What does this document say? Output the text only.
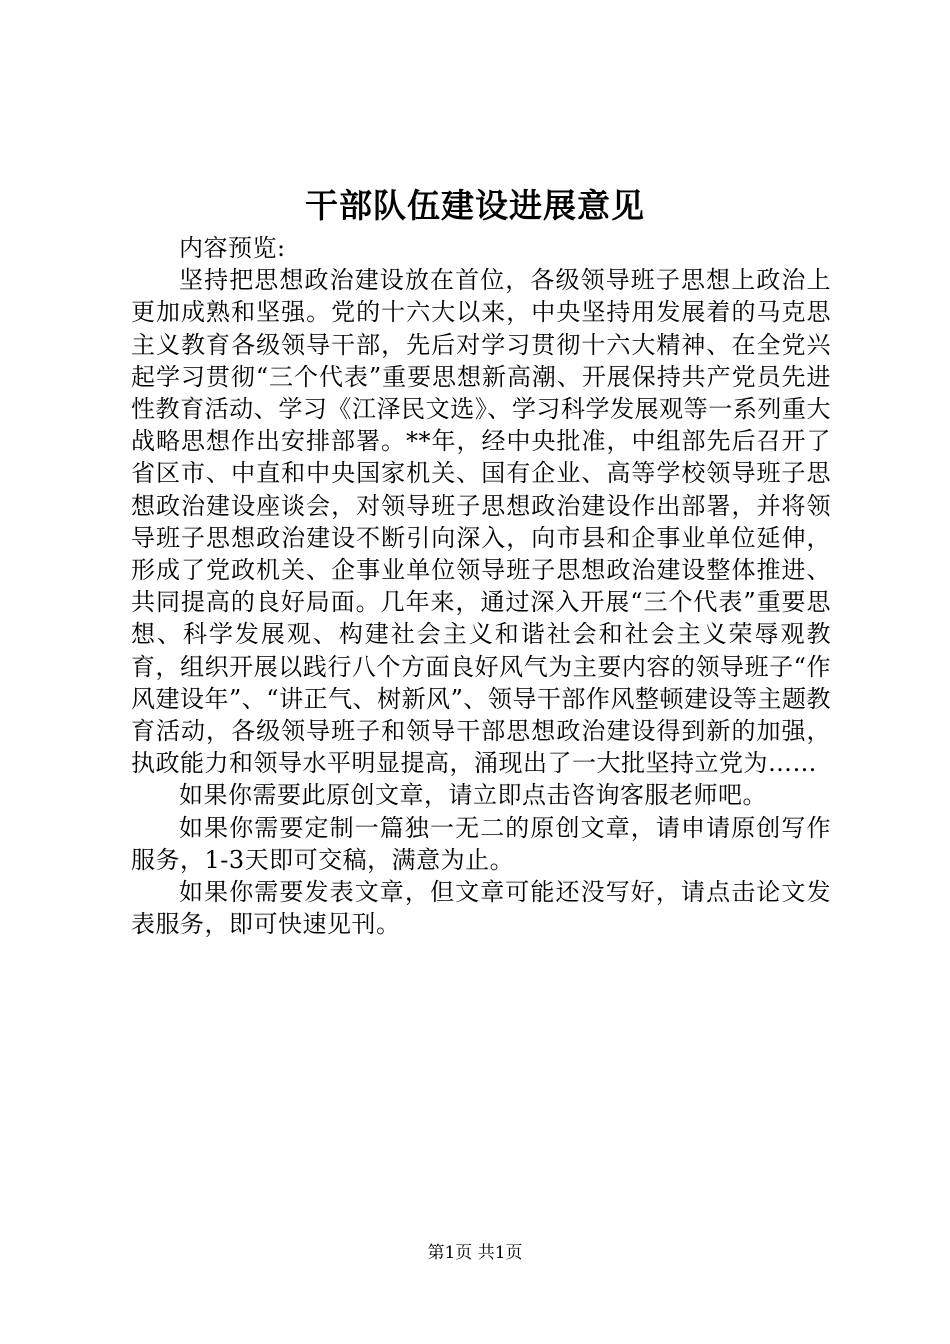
干部队伍建设进展意见

内容预览:

坚持把思想政治建设放在首位，各级领导班子思想上政治上更加成熟和坚强。党的十六大以来，中央坚持用发展着的马克思主义教育各级领导干部，先后对学习贯彻十六大精神、在全党兴起学习贯彻“三个代表”重要思想新高潮、开展保持共产党员先进性教育活动、学习《江泽民文选》、学习科学发展观等一系列重大战略思想作出安排部署。**年，经中央批准，中组部先后召开了省区市、中直和中央国家机关、国有企业、高等学校领导班子思想政治建设座谈会，对领导班子思想政治建设作出部署，并将领导班子思想政治建设不断引向深入，向市县和企事业单位延伸，形成了党政机关、企事业单位领导班子思想政治建设整体推进、共同提高的良好局面。几年来，通过深入开展“三个代表”重要思想、科学发展观、构建社会主义和谐社会和社会主义荣辱观教育，组织开展以践行八个方面良好风气为主要内容的领导班子“作风建设年”、“讲正气、树新风”、领导干部作风整顿建设等主题教育活动，各级领导班子和领导干部思想政治建设得到新的加强，执政能力和领导水平明显提高，涌现出了一大批坚持立党为……

如果你需要此原创文章，请立即点击咨询客服老师吧。

如果你需要定制一篇独一无二的原创文章，请申请原创写作服务，1-3天即可交稿，满意为止。

如果你需要发表文章，但文章可能还没写好，请点击论文发表服务，即可快速见刊。

第1页 共1页
